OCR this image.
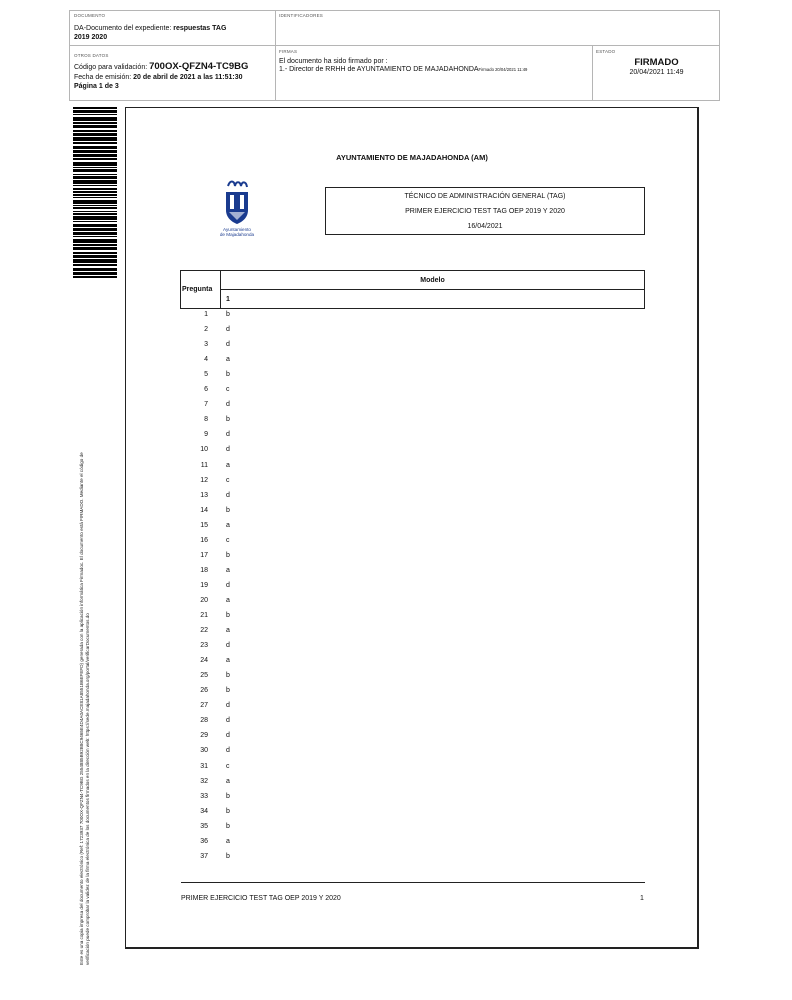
DOCUMENTO
DA-Documento del expediente: respuestas TAG
2019 2020
IDENTIFICADORES
OTROS DATOS
Código para validación: 700OX-QFZN4-TC9BG
Fecha de emisión: 20 de abril de 2021 a las 11:51:30
Página 1 de 3
FIRMAS
El documento ha sido firmado por :
1.- Director de RRHH de AYUNTAMIENTO DE MAJADAHONDAFirmado 20/04/2021 11:49
ESTADO
FIRMADO
20/04/2021 11:49
Este es una copia impresa del documento electrónico (Ref: 1723937 700OX-QFZN4-TC9BG 2554885B92B8C9465E4D4A0ACE81A8551B6EFEFD) generada con la aplicación informática Firmadoc. El documento está FIRMADO. Mediante el código de verificación puede comprobar la validez de la firma electrónica de los documentos firmados en la dirección web: https://sede.majadahonda.org/portal/verificarDocumentos.do
AYUNTAMIENTO DE MAJADAHONDA (AM)
Ayuntamiento
de Majadahonda
TÉCNICO DE ADMINISTRACIÓN GENERAL (TAG)
PRIMER EJERCICIO TEST TAG OEP 2019 Y 2020
16/04/2021
Pregunta
Modelo
1
1	b
2	d
3	d
4	a
5	b
6	c
7	d
8	b
9	d
10	d
11	a
12	c
13	d
14	b
15	a
16	c
17	b
18	a
19	d
20	a
21	b
22	a
23	d
24	a
25	b
26	b
27	d
28	d
29	d
30	d
31	c
32	a
33	b
34	b
35	b
36	a
37	b
PRIMER EJERCICIO TEST TAG OEP 2019 Y 2020	1
